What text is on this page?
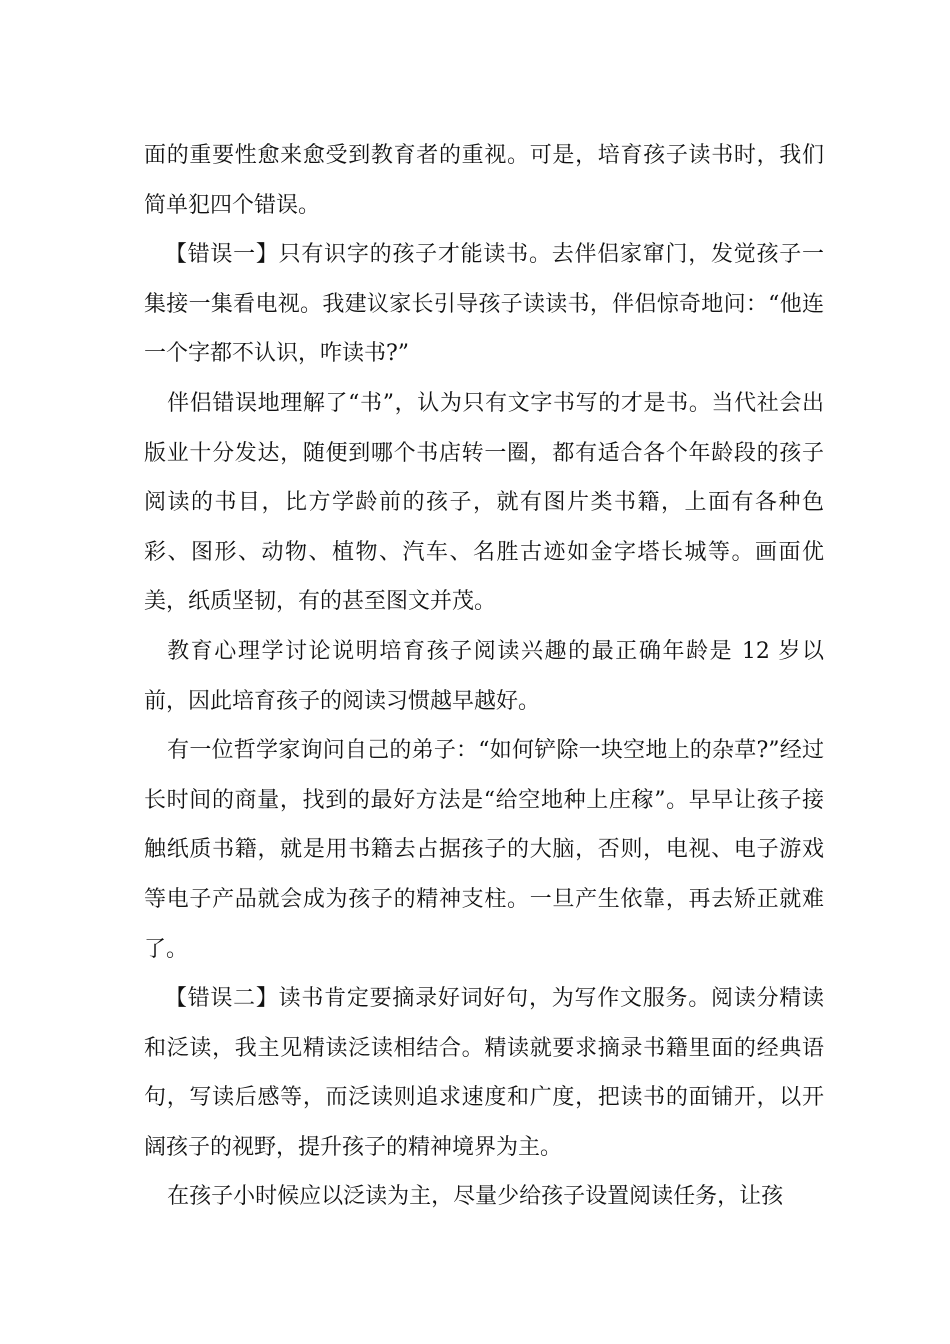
面的重要性愈来愈受到教育者的重视。可是，培育孩子读书时，我们简单犯四个错误。

【错误一】只有识字的孩子才能读书。去伴侣家窜门，发觉孩子一集接一集看电视。我建议家长引导孩子读读书，伴侣惊奇地问：“他连一个字都不认识，咋读书?”

伴侣错误地理解了“书”，认为只有文字书写的才是书。当代社会出版业十分发达，随便到哪个书店转一圈，都有适合各个年龄段的孩子阅读的书目，比方学龄前的孩子，就有图片类书籍，上面有各种色彩、图形、动物、植物、汽车、名胜古迹如金字塔长城等。画面优美，纸质坚韧，有的甚至图文并茂。

教育心理学讨论说明培育孩子阅读兴趣的最正确年龄是 12 岁以前，因此培育孩子的阅读习惯越早越好。

有一位哲学家询问自己的弟子：“如何铲除一块空地上的杂草?”经过长时间的商量，找到的最好方法是“给空地种上庄稼”。早早让孩子接触纸质书籍，就是用书籍去占据孩子的大脑，否则，电视、电子游戏等电子产品就会成为孩子的精神支柱。一旦产生依靠，再去矫正就难了。

【错误二】读书肯定要摘录好词好句，为写作文服务。阅读分精读和泛读，我主见精读泛读相结合。精读就要求摘录书籍里面的经典语句，写读后感等，而泛读则追求速度和广度，把读书的面铺开，以开阔孩子的视野，提升孩子的精神境界为主。

在孩子小时候应以泛读为主，尽量少给孩子设置阅读任务，让孩
